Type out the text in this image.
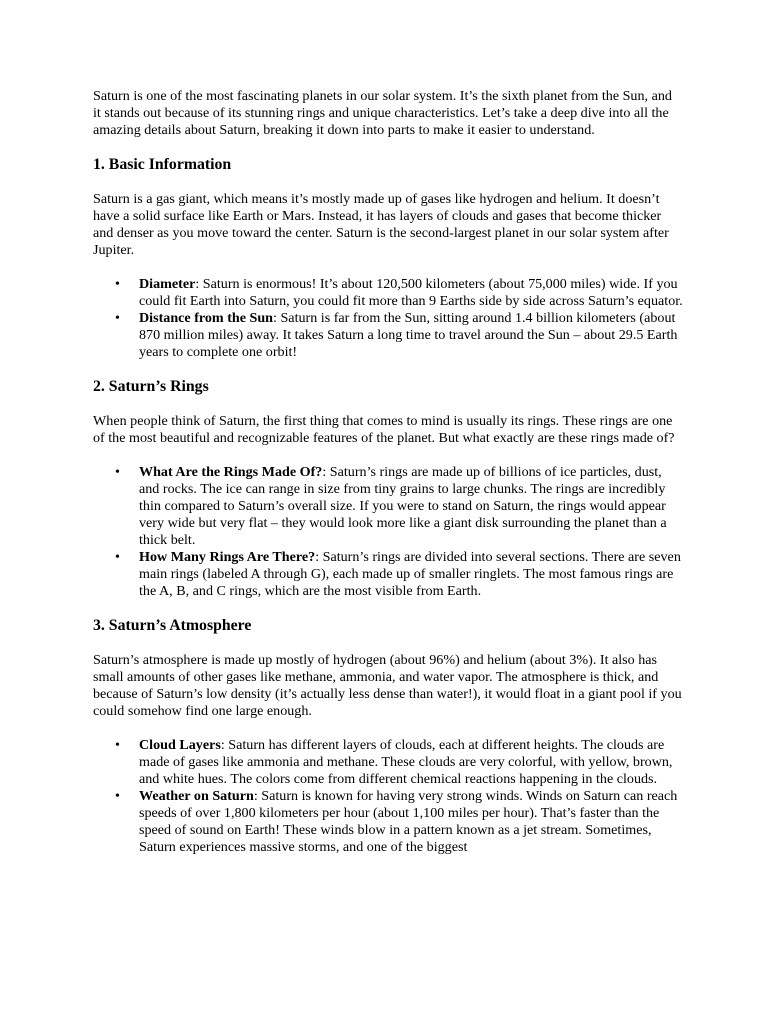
Saturn is one of the most fascinating planets in our solar system. It’s the sixth planet from the Sun, and it stands out because of its stunning rings and unique characteristics. Let’s take a deep dive into all the amazing details about Saturn, breaking it down into parts to make it easier to understand.

1. Basic Information

Saturn is a gas giant, which means it’s mostly made up of gases like hydrogen and helium. It doesn’t have a solid surface like Earth or Mars. Instead, it has layers of clouds and gases that become thicker and denser as you move toward the center. Saturn is the second-largest planet in our solar system after Jupiter.

• Diameter: Saturn is enormous! It’s about 120,500 kilometers (about 75,000 miles) wide. If you could fit Earth into Saturn, you could fit more than 9 Earths side by side across Saturn’s equator.
• Distance from the Sun: Saturn is far from the Sun, sitting around 1.4 billion kilometers (about 870 million miles) away. It takes Saturn a long time to travel around the Sun – about 29.5 Earth years to complete one orbit!
2. Saturn’s Rings

When people think of Saturn, the first thing that comes to mind is usually its rings. These rings are one of the most beautiful and recognizable features of the planet. But what exactly are these rings made of?

• What Are the Rings Made Of?: Saturn’s rings are made up of billions of ice particles, dust, and rocks. The ice can range in size from tiny grains to large chunks. The rings are incredibly thin compared to Saturn’s overall size. If you were to stand on Saturn, the rings would appear very wide but very flat – they would look more like a giant disk surrounding the planet than a thick belt.
• How Many Rings Are There?: Saturn’s rings are divided into several sections. There are seven main rings (labeled A through G), each made up of smaller ringlets. The most famous rings are the A, B, and C rings, which are the most visible from Earth.
3. Saturn’s Atmosphere

Saturn’s atmosphere is made up mostly of hydrogen (about 96%) and helium (about 3%). It also has small amounts of other gases like methane, ammonia, and water vapor. The atmosphere is thick, and because of Saturn’s low density (it’s actually less dense than water!), it would float in a giant pool if you could somehow find one large enough.

• Cloud Layers: Saturn has different layers of clouds, each at different heights. The clouds are made of gases like ammonia and methane. These clouds are very colorful, with yellow, brown, and white hues. The colors come from different chemical reactions happening in the clouds.
• Weather on Saturn: Saturn is known for having very strong winds. Winds on Saturn can reach speeds of over 1,800 kilometers per hour (about 1,100 miles per hour). That’s faster than the speed of sound on Earth! These winds blow in a pattern known as a jet stream. Sometimes, Saturn experiences massive storms, and one of the biggest
